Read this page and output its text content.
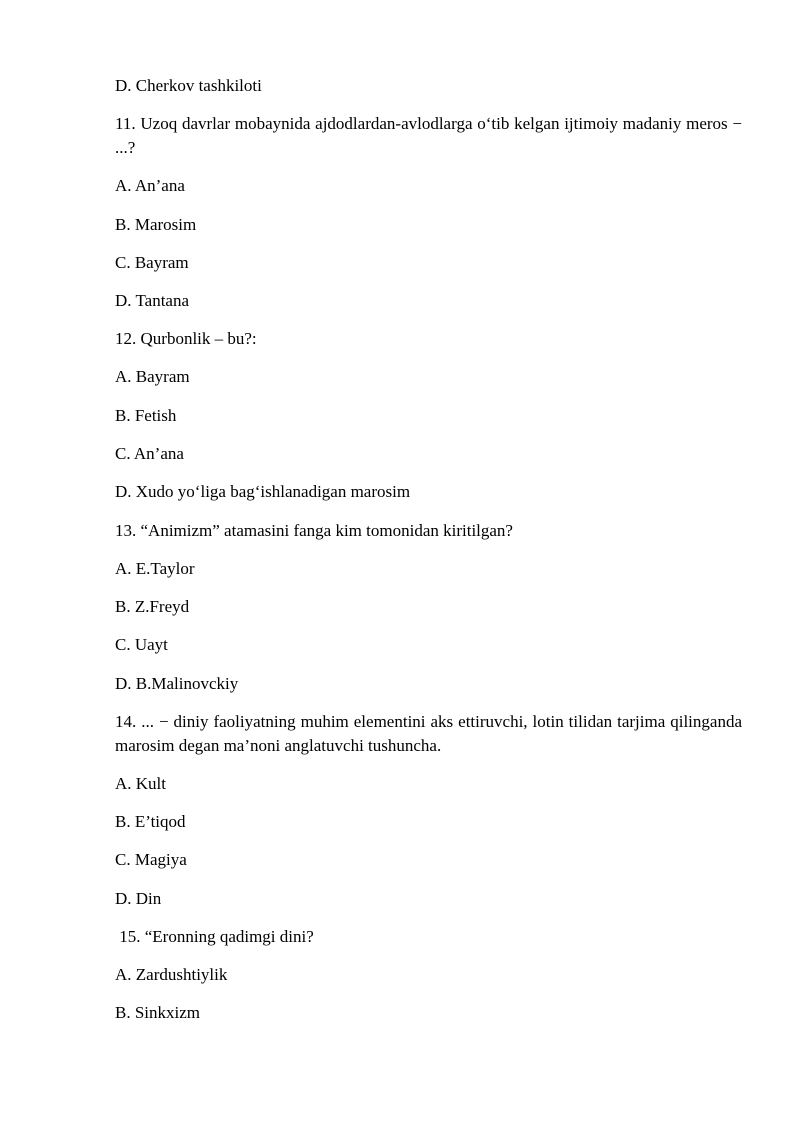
D. Cherkov tashkiloti

11. Uzoq davrlar mobaynida ajdodlardan-avlodlarga o‘tib kelgan ijtimoiy madaniy meros − ...?

A. An’ana

B. Marosim

C. Bayram

D. Tantana

12. Qurbonlik – bu?:

A. Bayram

B. Fetish

C. An’ana

D. Xudo yo‘liga bag‘ishlanadigan marosim

13. “Animizm” atamasini fanga kim tomonidan kiritilgan?

A. E.Taylor

B. Z.Freyd

C. Uayt

D. B.Malinovckiy

14. ... − diniy faoliyatning muhim elementini aks ettiruvchi, lotin tilidan tarjima qilinganda marosim degan ma’noni anglatuvchi tushuncha.

A. Kult

B. E’tiqod

C. Magiya

D. Din

15. “Eronning qadimgi dini?

A. Zardushtiylik

B. Sinkxizm
